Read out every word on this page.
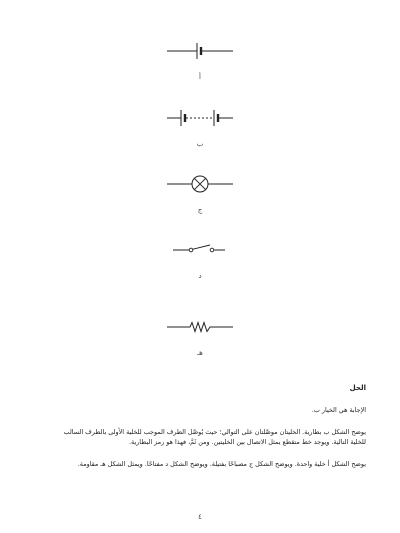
أ
ب
ج
د
هـ
الحل
الإجابة هي الخيار ب.
يوضح الشكل ب بطارية. الخليتان موصَّلتان على التوالي؛ حيث يُوصَّل الطرف الموجب للخلية الأولى بالطرف السالب
للخلية التالية. ويوجد خط متقطع يمثل الاتصال بين الخليتين. ومن ثَمَّ، فهذا هو رمز البطارية.
يوضح الشكل أ خلية واحدة. ويوضح الشكل ج مصباحًا بفتيلة. ويوضح الشكل د مفتاحًا. ويمثل الشكل هـ مقاومة.
٤
